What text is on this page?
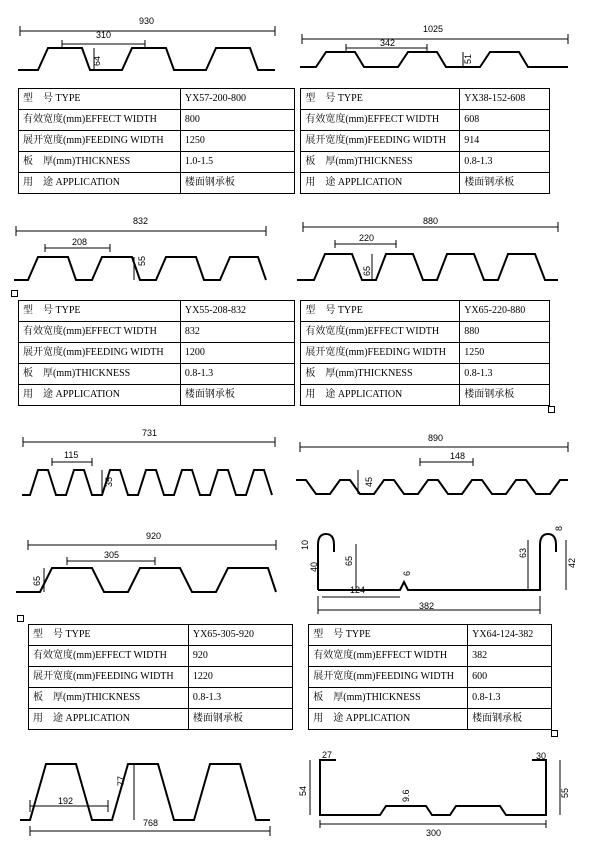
930
310
64
1025
342
51
832
208
55
880
220
65
731
115
35
890
148
45
920
305
65
382
124
65
10
40
6
63
8
42
768
192
77
300
54
27	30
55
9.6
型　号 TYPE	YX57-200-800		型　号 TYPE	YX38-152-608
有效宽度(mm)EFFECT WIDTH	800		有效宽度(mm)EFFECT WIDTH	608
展开宽度(mm)FEEDING WIDTH	1250		展开宽度(mm)FEEDING WIDTH	914
板　厚(mm)THICKNESS	1.0-1.5		板　厚(mm)THICKNESS	0.8-1.3
用　途 APPLICATION	楼面钢承板		用　途 APPLICATION	楼面钢承板
型　号 TYPE	YX55-208-832		型　号 TYPE	YX65-220-880
有效宽度(mm)EFFECT WIDTH	832		有效宽度(mm)EFFECT WIDTH	880
展开宽度(mm)FEEDING WIDTH	1200		展开宽度(mm)FEEDING WIDTH	1250
板　厚(mm)THICKNESS	0.8-1.3		板　厚(mm)THICKNESS	0.8-1.3
用　途 APPLICATION	楼面钢承板		用　途 APPLICATION	楼面钢承板
型　号 TYPE	YX65-305-920		型　号 TYPE	YX64-124-382
有效宽度(mm)EFFECT WIDTH	920		有效宽度(mm)EFFECT WIDTH	382
展开宽度(mm)FEEDING WIDTH	1220		展开宽度(mm)FEEDING WIDTH	600
板　厚(mm)THICKNESS	0.8-1.3		板　厚(mm)THICKNESS	0.8-1.3
用　途 APPLICATION	楼面钢承板		用　途 APPLICATION	楼面钢承板
